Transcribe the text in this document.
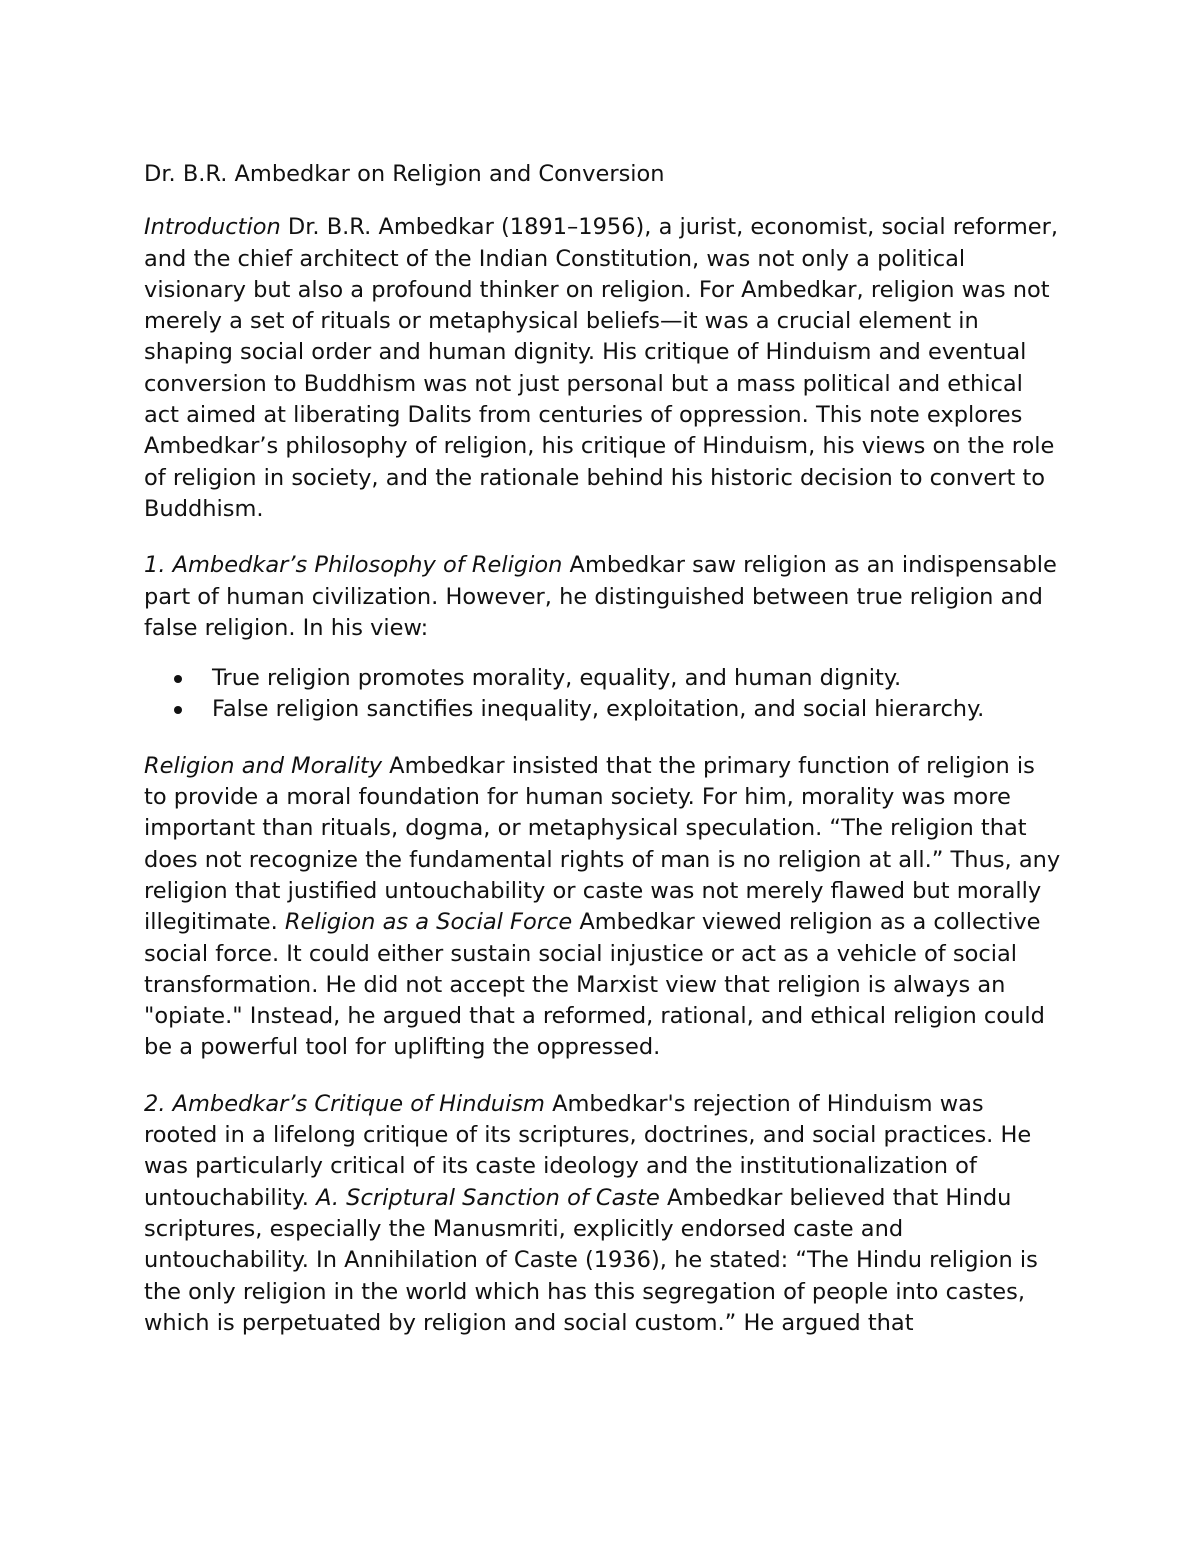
Dr. B.R. Ambedkar on Religion and Conversion

Introduction Dr. B.R. Ambedkar (1891–1956), a jurist, economist, social reformer, and the chief architect of the Indian Constitution, was not only a political visionary but also a profound thinker on religion. For Ambedkar, religion was not merely a set of rituals or metaphysical beliefs—it was a crucial element in shaping social order and human dignity. His critique of Hinduism and eventual conversion to Buddhism was not just personal but a mass political and ethical act aimed at liberating Dalits from centuries of oppression. This note explores Ambedkar’s philosophy of religion, his critique of Hinduism, his views on the role of religion in society, and the rationale behind his historic decision to convert to Buddhism.

1. Ambedkar’s Philosophy of Religion Ambedkar saw religion as an indispensable part of human civilization. However, he distinguished between true religion and false religion. In his view:

True religion promotes morality, equality, and human dignity.
False religion sanctifies inequality, exploitation, and social hierarchy.

Religion and Morality Ambedkar insisted that the primary function of religion is to provide a moral foundation for human society. For him, morality was more important than rituals, dogma, or metaphysical speculation. “The religion that does not recognize the fundamental rights of man is no religion at all.” Thus, any religion that justified untouchability or caste was not merely flawed but morally illegitimate. Religion as a Social Force Ambedkar viewed religion as a collective social force. It could either sustain social injustice or act as a vehicle of social transformation. He did not accept the Marxist view that religion is always an "opiate." Instead, he argued that a reformed, rational, and ethical religion could be a powerful tool for uplifting the oppressed.

2. Ambedkar’s Critique of Hinduism Ambedkar's rejection of Hinduism was rooted in a lifelong critique of its scriptures, doctrines, and social practices. He was particularly critical of its caste ideology and the institutionalization of untouchability. A. Scriptural Sanction of Caste Ambedkar believed that Hindu scriptures, especially the Manusmriti, explicitly endorsed caste and untouchability. In Annihilation of Caste (1936), he stated: “The Hindu religion is the only religion in the world which has this segregation of people into castes, which is perpetuated by religion and social custom.” He argued that
